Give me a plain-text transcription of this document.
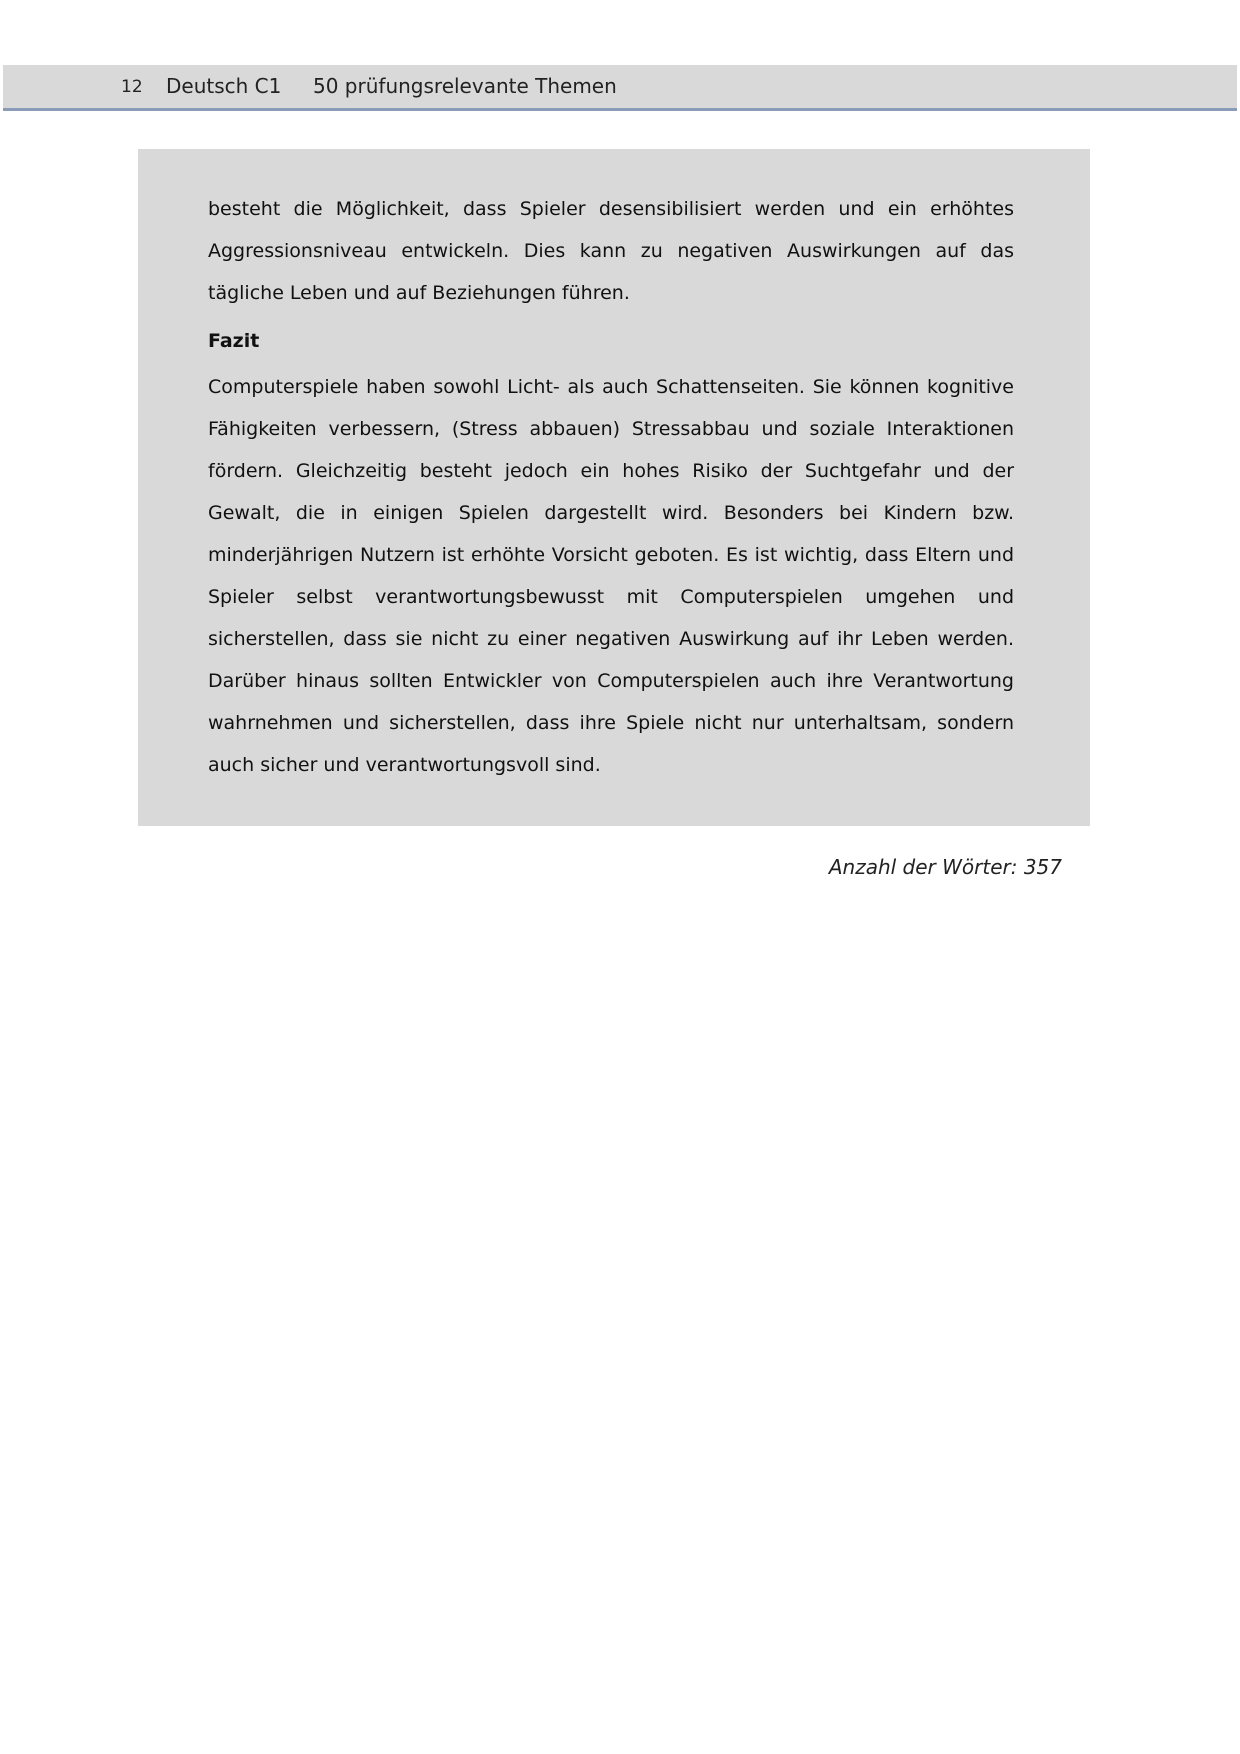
12 Deutsch C1 50 prüfungsrelevante Themen

besteht die Möglichkeit, dass Spieler desensibilisiert werden und ein erhöhtes Aggressionsniveau entwickeln. Dies kann zu negativen Auswirkungen auf das tägliche Leben und auf Beziehungen führen.

Fazit

Computerspiele haben sowohl Licht- als auch Schattenseiten. Sie können kognitive Fähigkeiten verbessern, (Stress abbauen) Stressabbau und soziale Interaktionen fördern. Gleichzeitig besteht jedoch ein hohes Risiko der Suchtgefahr und der Gewalt, die in einigen Spielen dargestellt wird. Besonders bei Kindern bzw. minderjährigen Nutzern ist erhöhte Vorsicht geboten. Es ist wichtig, dass Eltern und Spieler selbst verantwortungsbewusst mit Computerspielen umgehen und sicherstellen, dass sie nicht zu einer negativen Auswirkung auf ihr Leben werden. Darüber hinaus sollten Entwickler von Computerspielen auch ihre Verantwortung wahrnehmen und sicherstellen, dass ihre Spiele nicht nur unterhaltsam, sondern auch sicher und verantwortungsvoll sind.

Anzahl der Wörter: 357
